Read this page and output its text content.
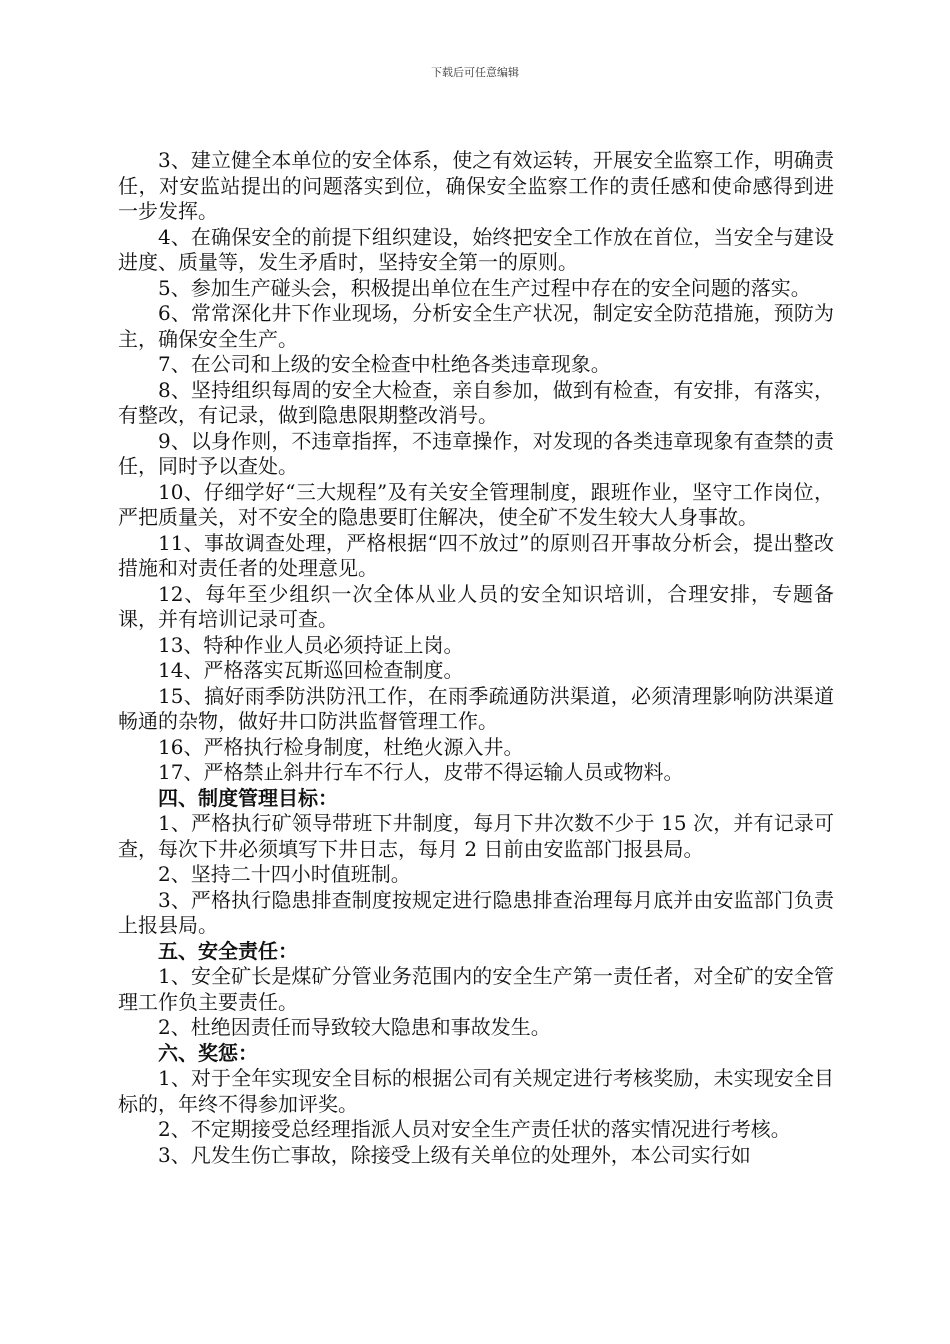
下载后可任意编辑

3、建立健全本单位的安全体系，使之有效运转，开展安全监察工作，明确责任，对安监站提出的问题落实到位，确保安全监察工作的责任感和使命感得到进一步发挥。

4、在确保安全的前提下组织建设，始终把安全工作放在首位，当安全与建设进度、质量等，发生矛盾时，坚持安全第一的原则。

5、参加生产碰头会，积极提出单位在生产过程中存在的安全问题的落实。

6、常常深化井下作业现场，分析安全生产状况，制定安全防范措施，预防为主，确保安全生产。

7、在公司和上级的安全检查中杜绝各类违章现象。

8、坚持组织每周的安全大检查，亲自参加，做到有检查，有安排，有落实，有整改，有记录，做到隐患限期整改消号。

9、以身作则，不违章指挥，不违章操作，对发现的各类违章现象有查禁的责任，同时予以查处。

10、仔细学好“三大规程”及有关安全管理制度，跟班作业，坚守工作岗位，严把质量关，对不安全的隐患要盯住解决，使全矿不发生较大人身事故。

11、事故调查处理，严格根据“四不放过”的原则召开事故分析会，提出整改措施和对责任者的处理意见。

12、每年至少组织一次全体从业人员的安全知识培训，合理安排，专题备课，并有培训记录可查。

13、特种作业人员必须持证上岗。

14、严格落实瓦斯巡回检查制度。

15、搞好雨季防洪防汛工作，在雨季疏通防洪渠道，必须清理影响防洪渠道畅通的杂物，做好井口防洪监督管理工作。

16、严格执行检身制度，杜绝火源入井。

17、严格禁止斜井行车不行人，皮带不得运输人员或物料。

四、制度管理目标：

1、严格执行矿领导带班下井制度，每月下井次数不少于 15 次，并有记录可查，每次下井必须填写下井日志，每月 2 日前由安监部门报县局。

2、坚持二十四小时值班制。

3、严格执行隐患排查制度按规定进行隐患排查治理每月底并由安监部门负责上报县局。

五、安全责任：

1、安全矿长是煤矿分管业务范围内的安全生产第一责任者，对全矿的安全管理工作负主要责任。

2、杜绝因责任而导致较大隐患和事故发生。

六、奖惩：

1、对于全年实现安全目标的根据公司有关规定进行考核奖励，未实现安全目标的，年终不得参加评奖。

2、不定期接受总经理指派人员对安全生产责任状的落实情况进行考核。

3、凡发生伤亡事故，除接受上级有关单位的处理外，本公司实行如
